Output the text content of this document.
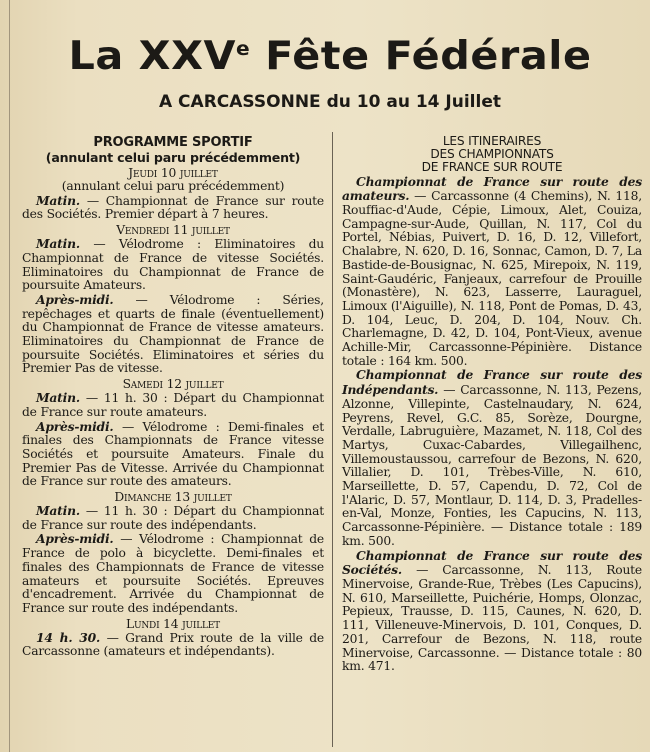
La XXVe Fête Fédérale
A CARCASSONNE du 10 au 14 Juillet
PROGRAMME SPORTIF
(annulant celui paru précédemment)
Jeudi 10 juillet

(annulant celui paru précédemment)

Matin. — Championnat de France sur route des Sociétés. Premier départ à 7 heures.

Vendredi 11 juillet

Matin. — Vélodrome : Eliminatoires du Championnat de France de vitesse Sociétés. Eliminatoires du Championnat de France de poursuite Amateurs.

Après-midi. — Vélodrome : Séries, repêchages et quarts de finale (éventuellement) du Championnat de France de vitesse amateurs. Eliminatoires du Championnat de France de poursuite Sociétés. Eliminatoires et séries du Premier Pas de vitesse.

Samedi 12 juillet

Matin. — 11 h. 30 : Départ du Championnat de France sur route amateurs.

Après-midi. — Vélodrome : Demi-finales et finales des Championnats de France vitesse Sociétés et poursuite Amateurs. Finale du Premier Pas de Vitesse. Arrivée du Championnat de France sur route des amateurs.

Dimanche 13 juillet

Matin. — 11 h. 30 : Départ du Championnat de France sur route des indépendants.

Après-midi. — Vélodrome : Championnat de France de polo à bicyclette. Demi-finales et finales des Championnats de France de vitesse amateurs et poursuite Sociétés. Epreuves d'encadrement. Arrivée du Championnat de France sur route des indépendants.

Lundi 14 juillet

14 h. 30. — Grand Prix route de la ville de Carcassonne (amateurs et indépendants).

LES ITINERAIRES
DES CHAMPIONNATS
DE FRANCE SUR ROUTE

Championnat de France sur route des amateurs. — Carcassonne (4 Chemins), N. 118, Rouffiac-d'Aude, Cépie, Limoux, Alet, Couiza, Campagne-sur-Aude, Quillan, N. 117, Col du Portel, Nébias, Puivert, D. 16, D. 12, Villefort, Chalabre, N. 620, D. 16, Sonnac, Camon, D. 7, La Bastide-de-Bousignac, N. 625, Mirepoix, N. 119, Saint-Gaudéric, Fanjeaux, carrefour de Prouille (Monastère), N. 623, Lasserre, Lauraguel, Limoux (l'Aiguille), N. 118, Pont de Pomas, D. 43, D. 104, Leuc, D. 204, D. 104, Nouv. Ch. Charlemagne, D. 42, D. 104, Pont-Vieux, avenue Achille-Mir, Carcassonne-Pépinière. Distance totale : 164 km. 500.

Championnat de France sur route des Indépendants. — Carcassonne, N. 113, Pezens, Alzonne, Villepinte, Castelnaudary, N. 624, Peyrens, Revel, G.C. 85, Sorèze, Dourgne, Verdalle, Labruguière, Mazamet, N. 118, Col des Martys, Cuxac-Cabardes, Villegailhenc, Villemoustaussou, carrefour de Bezons, N. 620, Villalier, D. 101, Trèbes-Ville, N. 610, Marseillette, D. 57, Capendu, D. 72, Col de l'Alaric, D. 57, Montlaur, D. 114, D. 3, Pradelles-en-Val, Monze, Fonties, les Capucins, N. 113, Carcassonne-Pépinière. — Distance totale : 189 km. 500.

Championnat de France sur route des Sociétés. — Carcassonne, N. 113, Route Minervoise, Grande-Rue, Trèbes (Les Capucins), N. 610, Marseillette, Puichérie, Homps, Olonzac, Pepieux, Trausse, D. 115, Caunes, N. 620, D. 111, Villeneuve-Minervois, D. 101, Conques, D. 201, Carrefour de Bezons, N. 118, route Minervoise, Carcassonne. — Distance totale : 80 km. 471.
